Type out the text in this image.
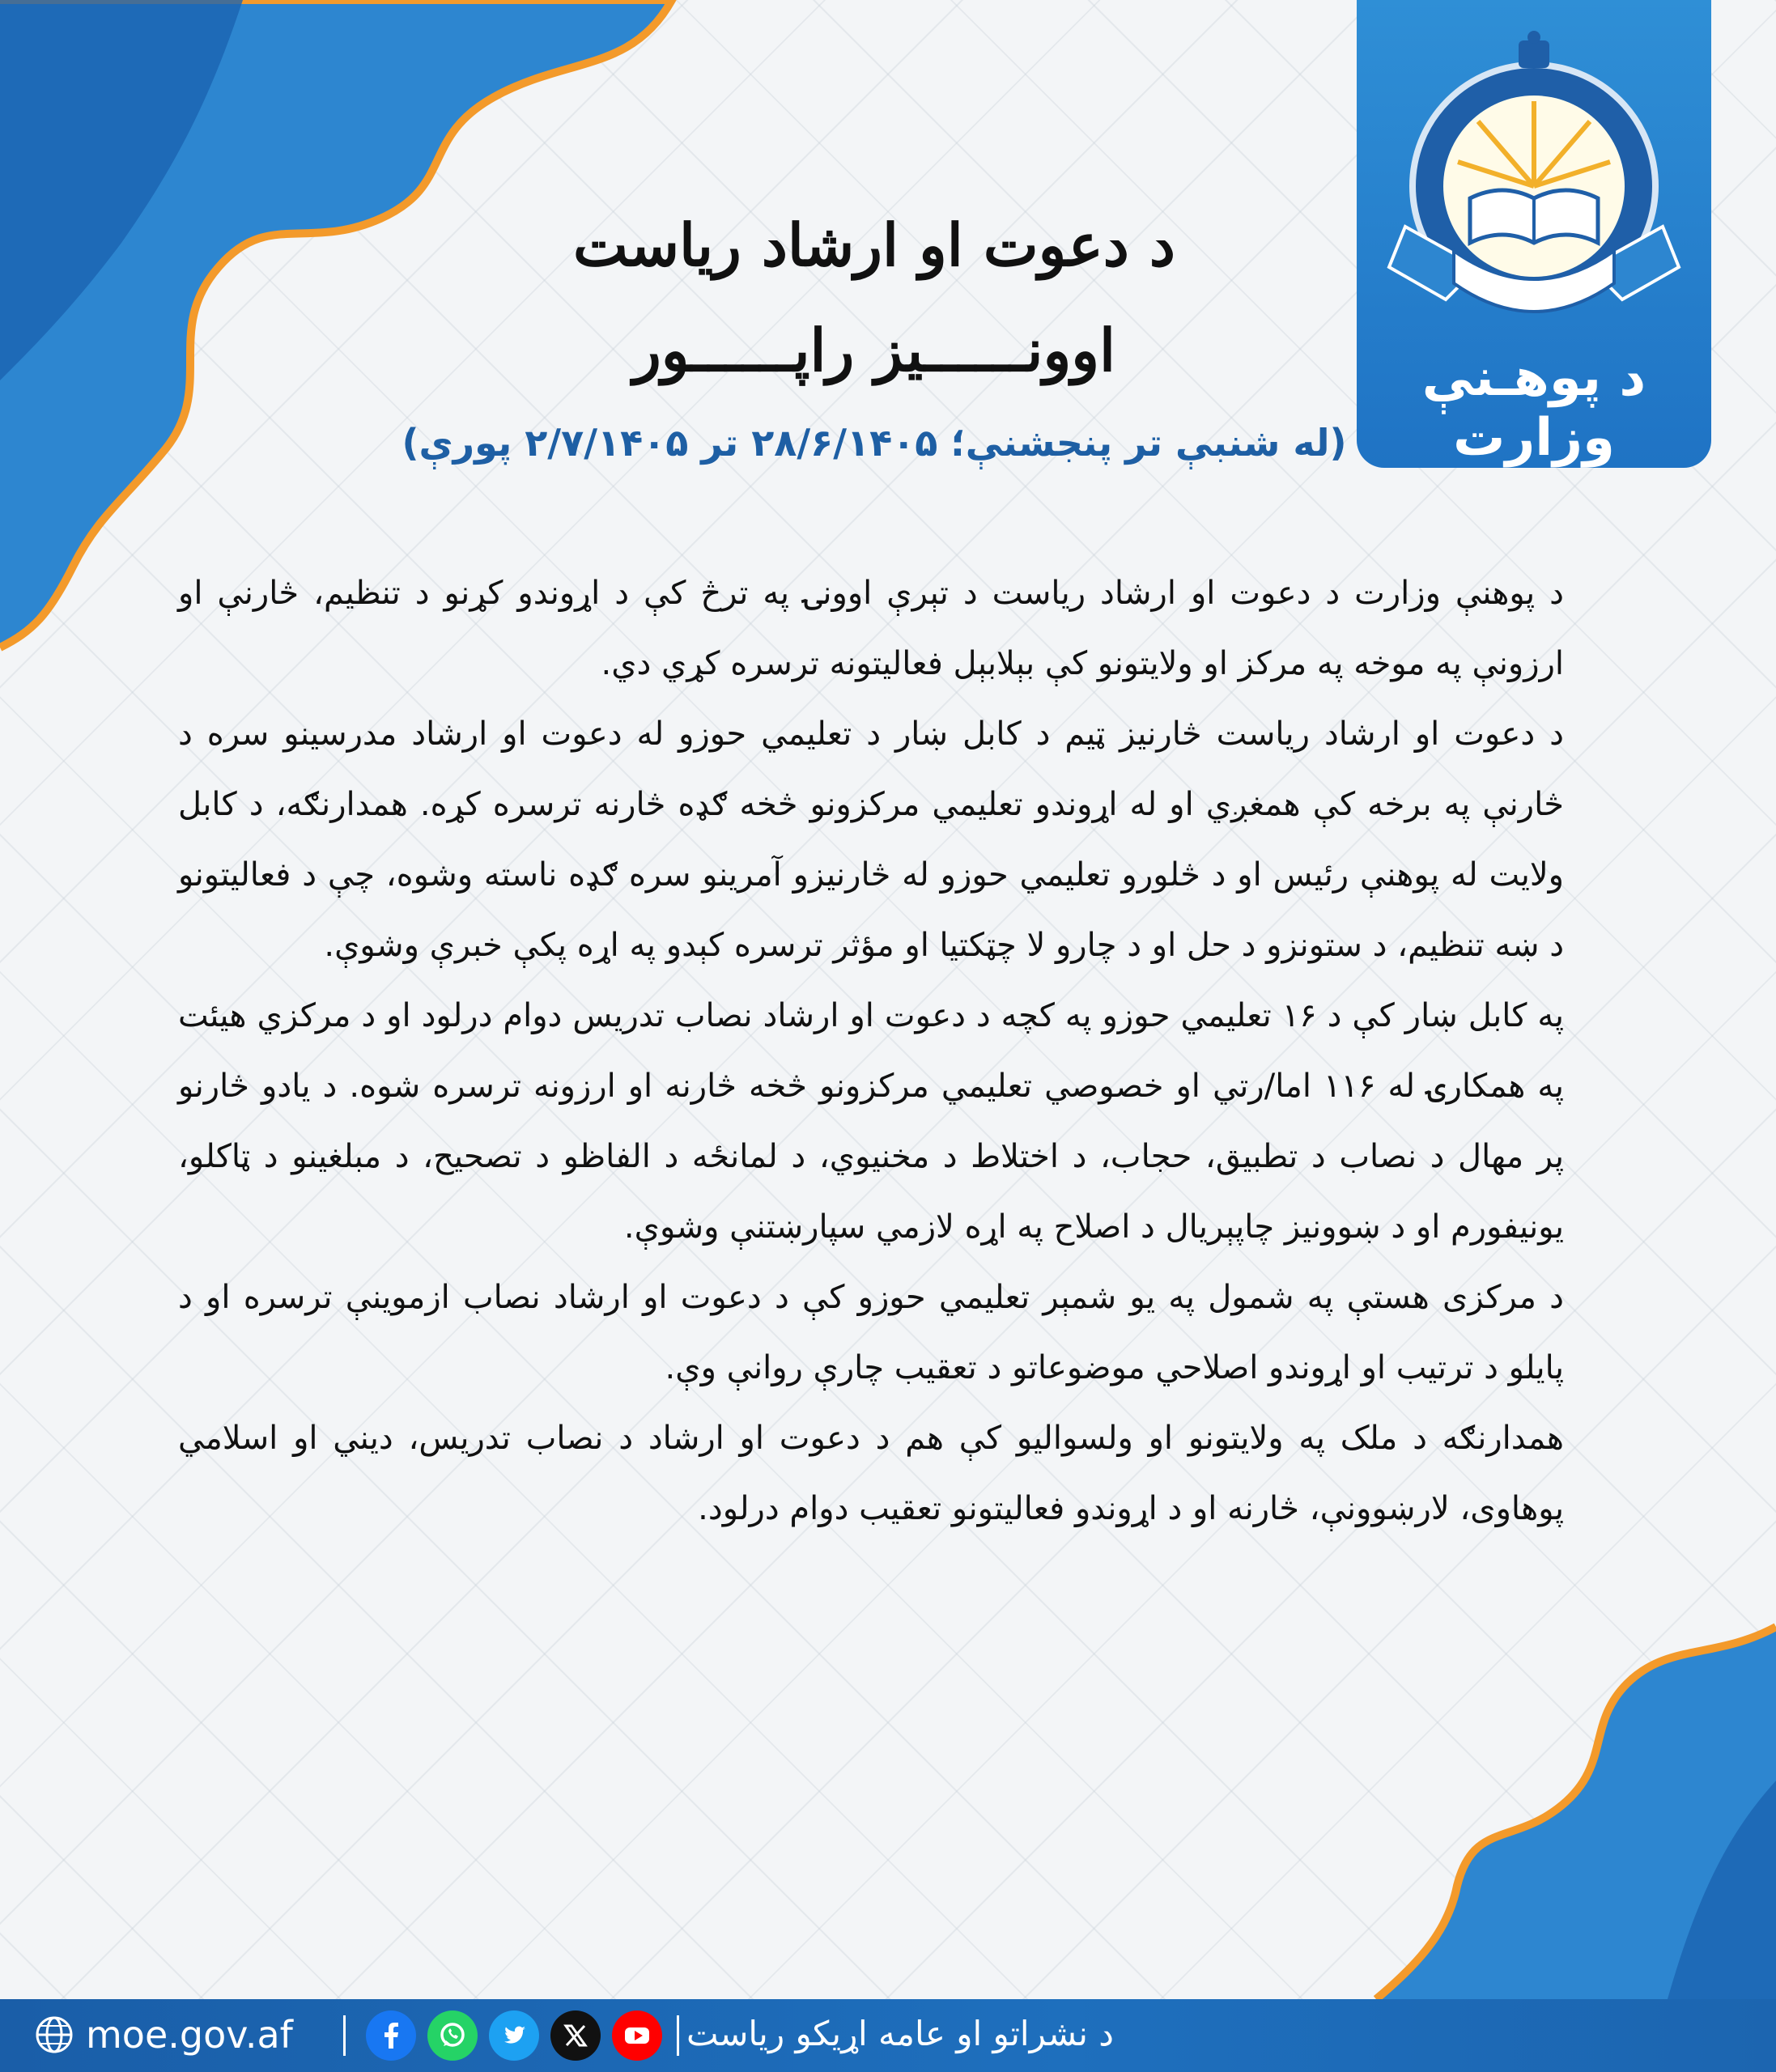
د پوهـنې وزارت
د دعوت او ارشاد ریاست
اوونــــــیز راپــــــور
(له شنبې تر پنجشنې؛ ۲۸/۶/۱۴۰۵ تر ۲/۷/۱۴۰۵ پورې)

د پوهنې وزارت د دعوت او ارشاد ریاست د تېرې اوونۍ په ترڅ کې د اړوندو کړنو د تنظیم، څارنې او ارزونې په موخه په مرکز او ولایتونو کې بېلابېل فعالیتونه ترسره کړي دي.

د دعوت او ارشاد ریاست څارنیز ټیم د کابل ښار د تعلیمي حوزو له دعوت او ارشاد مدرسینو سره د څارنې په برخه کې همغږي او له اړوندو تعلیمي مرکزونو څخه ګډه څارنه ترسره کړه. همدارنګه، د کابل ولایت له پوهنې رئیس او د څلورو تعلیمي حوزو له څارنیزو آمرینو سره ګډه ناسته وشوه، چې د فعالیتونو د ښه تنظیم، د ستونزو د حل او د چارو لا چټکتیا او مؤثر ترسره کېدو په اړه پکې خبرې وشوې.

په کابل ښار کې د ۱۶ تعلیمي حوزو په کچه د دعوت او ارشاد نصاب تدریس دوام درلود او د مرکزي هیئت په همکارۍ له ۱۱۶ اما/رتي او خصوصي تعلیمي مرکزونو څخه څارنه او ارزونه ترسره شوه. د یادو څارنو پر مهال د نصاب د تطبیق، حجاب، د اختلاط د مخنیوي، د لمانځه د الفاظو د تصحیح، د مبلغینو د ټاکلو، یونیفورم او د ښوونیز چاپېریال د اصلاح په اړه لازمي سپارښتنې وشوې.

د مرکزی هستې په شمول په یو شمېر تعلیمي حوزو کې د دعوت او ارشاد نصاب ازموینې ترسره او د پایلو د ترتیب او اړوندو اصلاحي موضوعاتو د تعقیب چارې روانې وې.

همدارنګه د ملک په ولایتونو او ولسوالیو کې هم د دعوت او ارشاد د نصاب تدریس، دیني او اسلامي پوهاوی، لارښوونې، څارنه او د اړوندو فعالیتونو تعقیب دوام درلود.

moe.gov.af	د نشراتو او عامه اړیکو ریاست
